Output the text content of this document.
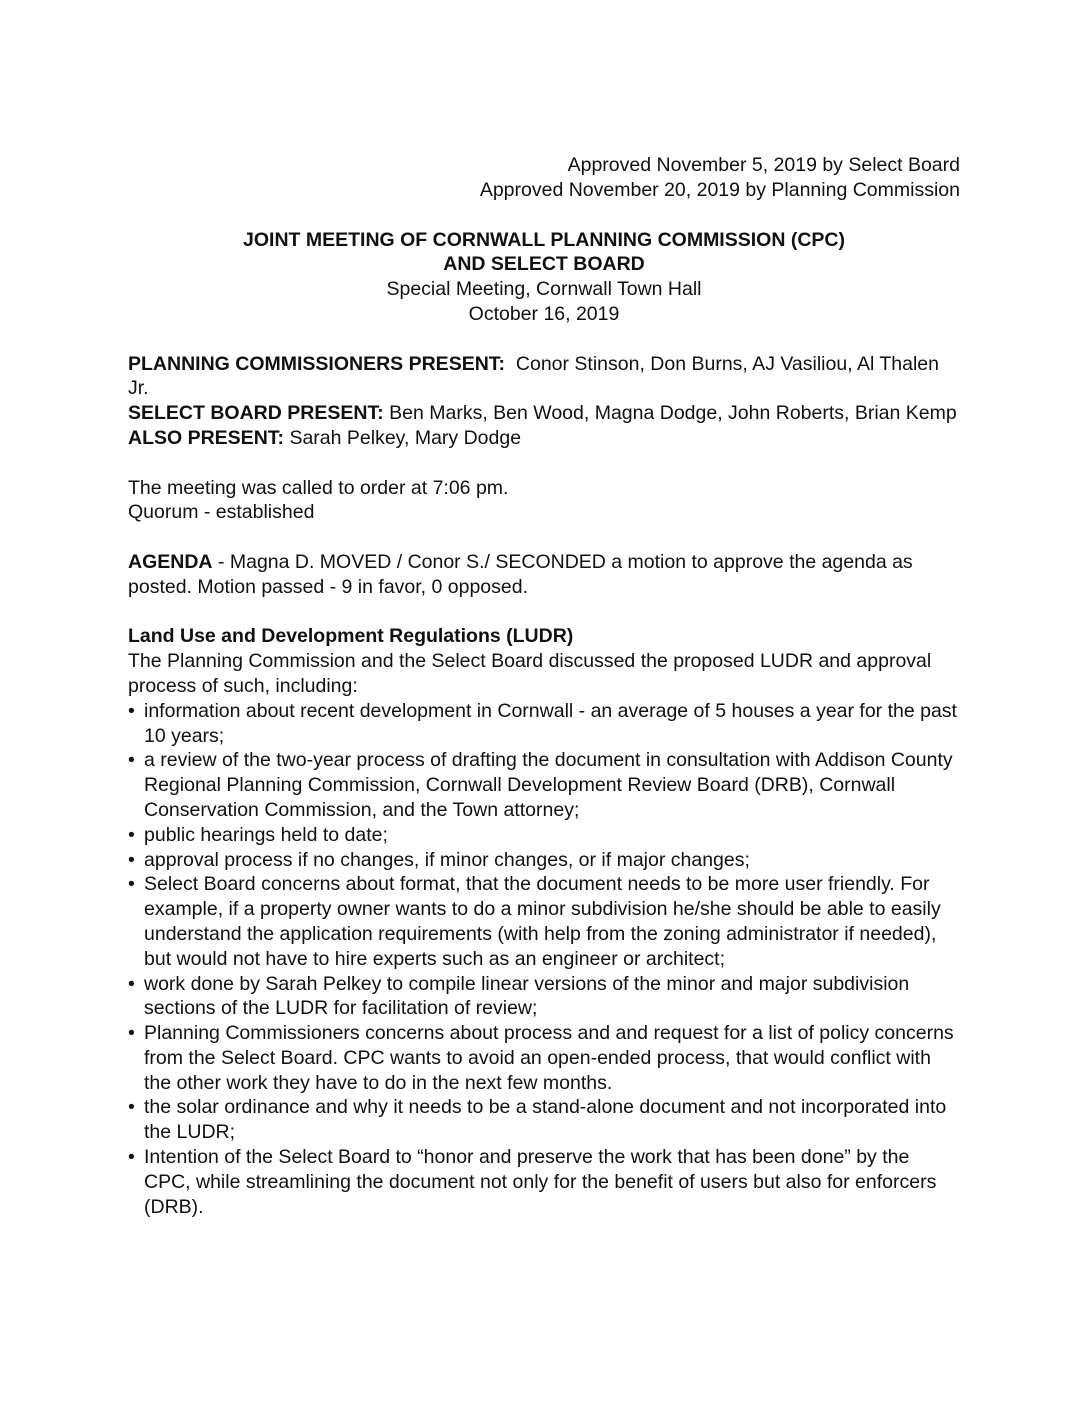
Approved November 5, 2019 by Select Board
Approved November 20, 2019 by Planning Commission
JOINT MEETING OF CORNWALL PLANNING COMMISSION (CPC)
AND SELECT BOARD
Special Meeting, Cornwall Town Hall
October 16, 2019
PLANNING COMMISSIONERS PRESENT: Conor Stinson, Don Burns, AJ Vasiliou, Al Thalen Jr.
SELECT BOARD PRESENT: Ben Marks, Ben Wood, Magna Dodge, John Roberts, Brian Kemp
ALSO PRESENT: Sarah Pelkey, Mary Dodge
The meeting was called to order at 7:06 pm.
Quorum - established
AGENDA - Magna D. MOVED / Conor S./ SECONDED a motion to approve the agenda as posted. Motion passed - 9 in favor, 0 opposed.
Land Use and Development Regulations (LUDR)
The Planning Commission and the Select Board discussed the proposed LUDR and approval process of such, including:
• information about recent development in Cornwall - an average of 5 houses a year for the past 10 years;
• a review of the two-year process of drafting the document in consultation with Addison County Regional Planning Commission, Cornwall Development Review Board (DRB), Cornwall Conservation Commission, and the Town attorney;
• public hearings held to date;
• approval process if no changes, if minor changes, or if major changes;
• Select Board concerns about format, that the document needs to be more user friendly. For example, if a property owner wants to do a minor subdivision he/she should be able to easily understand the application requirements (with help from the zoning administrator if needed), but would not have to hire experts such as an engineer or architect;
• work done by Sarah Pelkey to compile linear versions of the minor and major subdivision sections of the LUDR for facilitation of review;
• Planning Commissioners concerns about process and and request for a list of policy concerns from the Select Board. CPC wants to avoid an open-ended process, that would conflict with the other work they have to do in the next few months.
• the solar ordinance and why it needs to be a stand-alone document and not incorporated into the LUDR;
• Intention of the Select Board to “honor and preserve the work that has been done” by the CPC, while streamlining the document not only for the benefit of users but also for enforcers (DRB).
